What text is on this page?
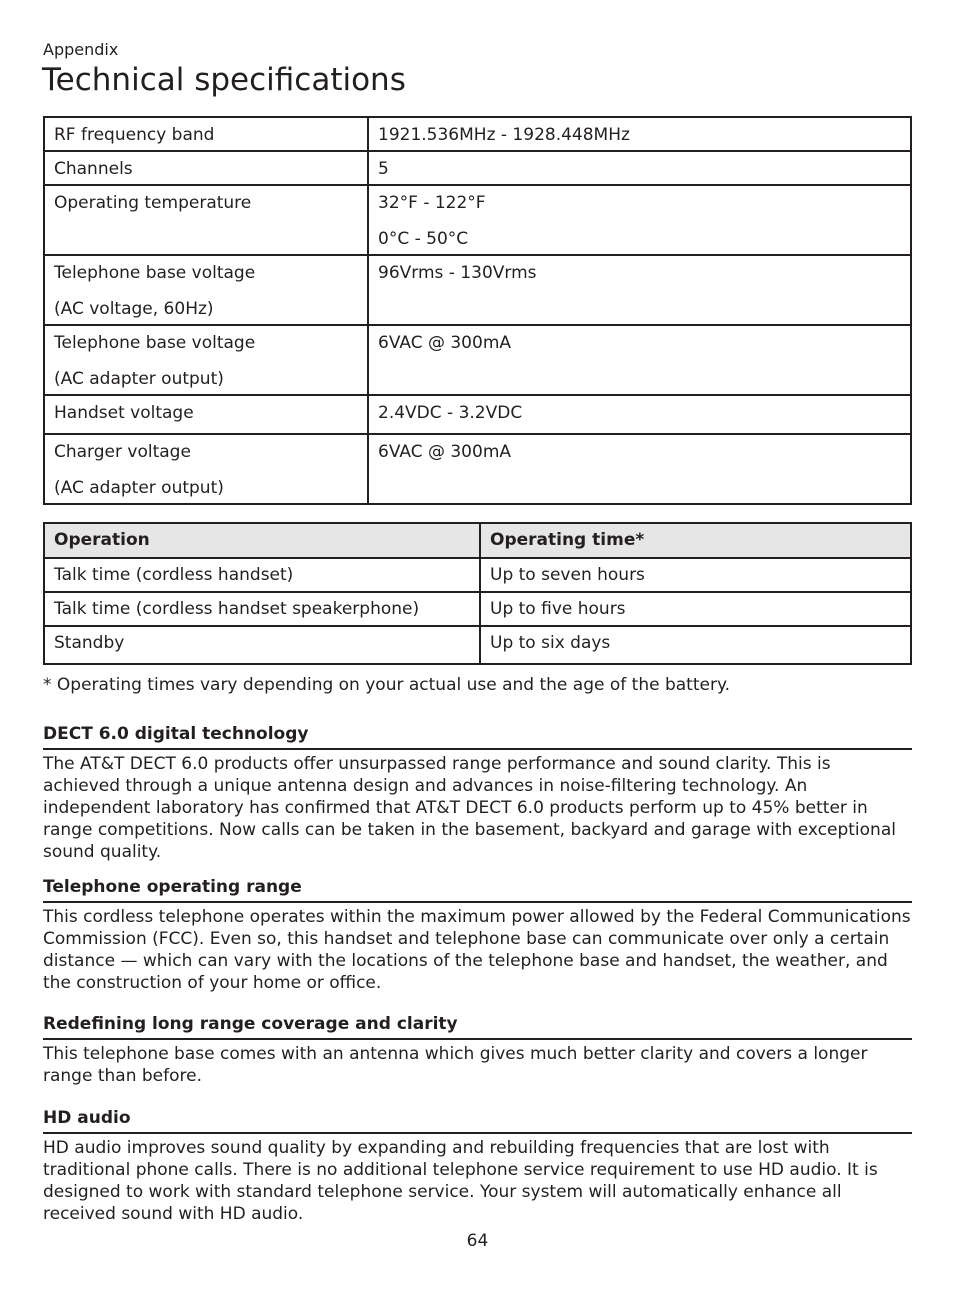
Appendix

Technical specifications
RF frequency band	1921.536MHz - 1928.448MHz

Channels	5

Operating temperature	32°F - 122°F
0°C - 50°C

Telephone base voltage
(AC voltage, 60Hz)	96Vrms - 130Vrms

Telephone base voltage
(AC adapter output)	6VAC @ 300mA

Handset voltage	2.4VDC - 3.2VDC

Charger voltage
(AC adapter output)	6VAC @ 300mA
Operation	Operating time*
Talk time (cordless handset)	Up to seven hours
Talk time (cordless handset speakerphone)	Up to five hours
Standby	Up to six days

* Operating times vary depending on your actual use and the age of the battery.

DECT 6.0 digital technology

The AT&T DECT 6.0 products offer unsurpassed range performance and sound clarity. This is achieved through a unique antenna design and advances in noise-filtering technology. An independent laboratory has confirmed that AT&T DECT 6.0 products perform up to 45% better in range competitions. Now calls can be taken in the basement, backyard and garage with exceptional sound quality.

Telephone operating range

This cordless telephone operates within the maximum power allowed by the Federal Communications Commission (FCC). Even so, this handset and telephone base can communicate over only a certain distance — which can vary with the locations of the telephone base and handset, the weather, and the construction of your home or office.

Redefining long range coverage and clarity

This telephone base comes with an antenna which gives much better clarity and covers a longer range than before.

HD audio

HD audio improves sound quality by expanding and rebuilding frequencies that are lost with traditional phone calls. There is no additional telephone service requirement to use HD audio. It is designed to work with standard telephone service. Your system will automatically enhance all received sound with HD audio.

64
